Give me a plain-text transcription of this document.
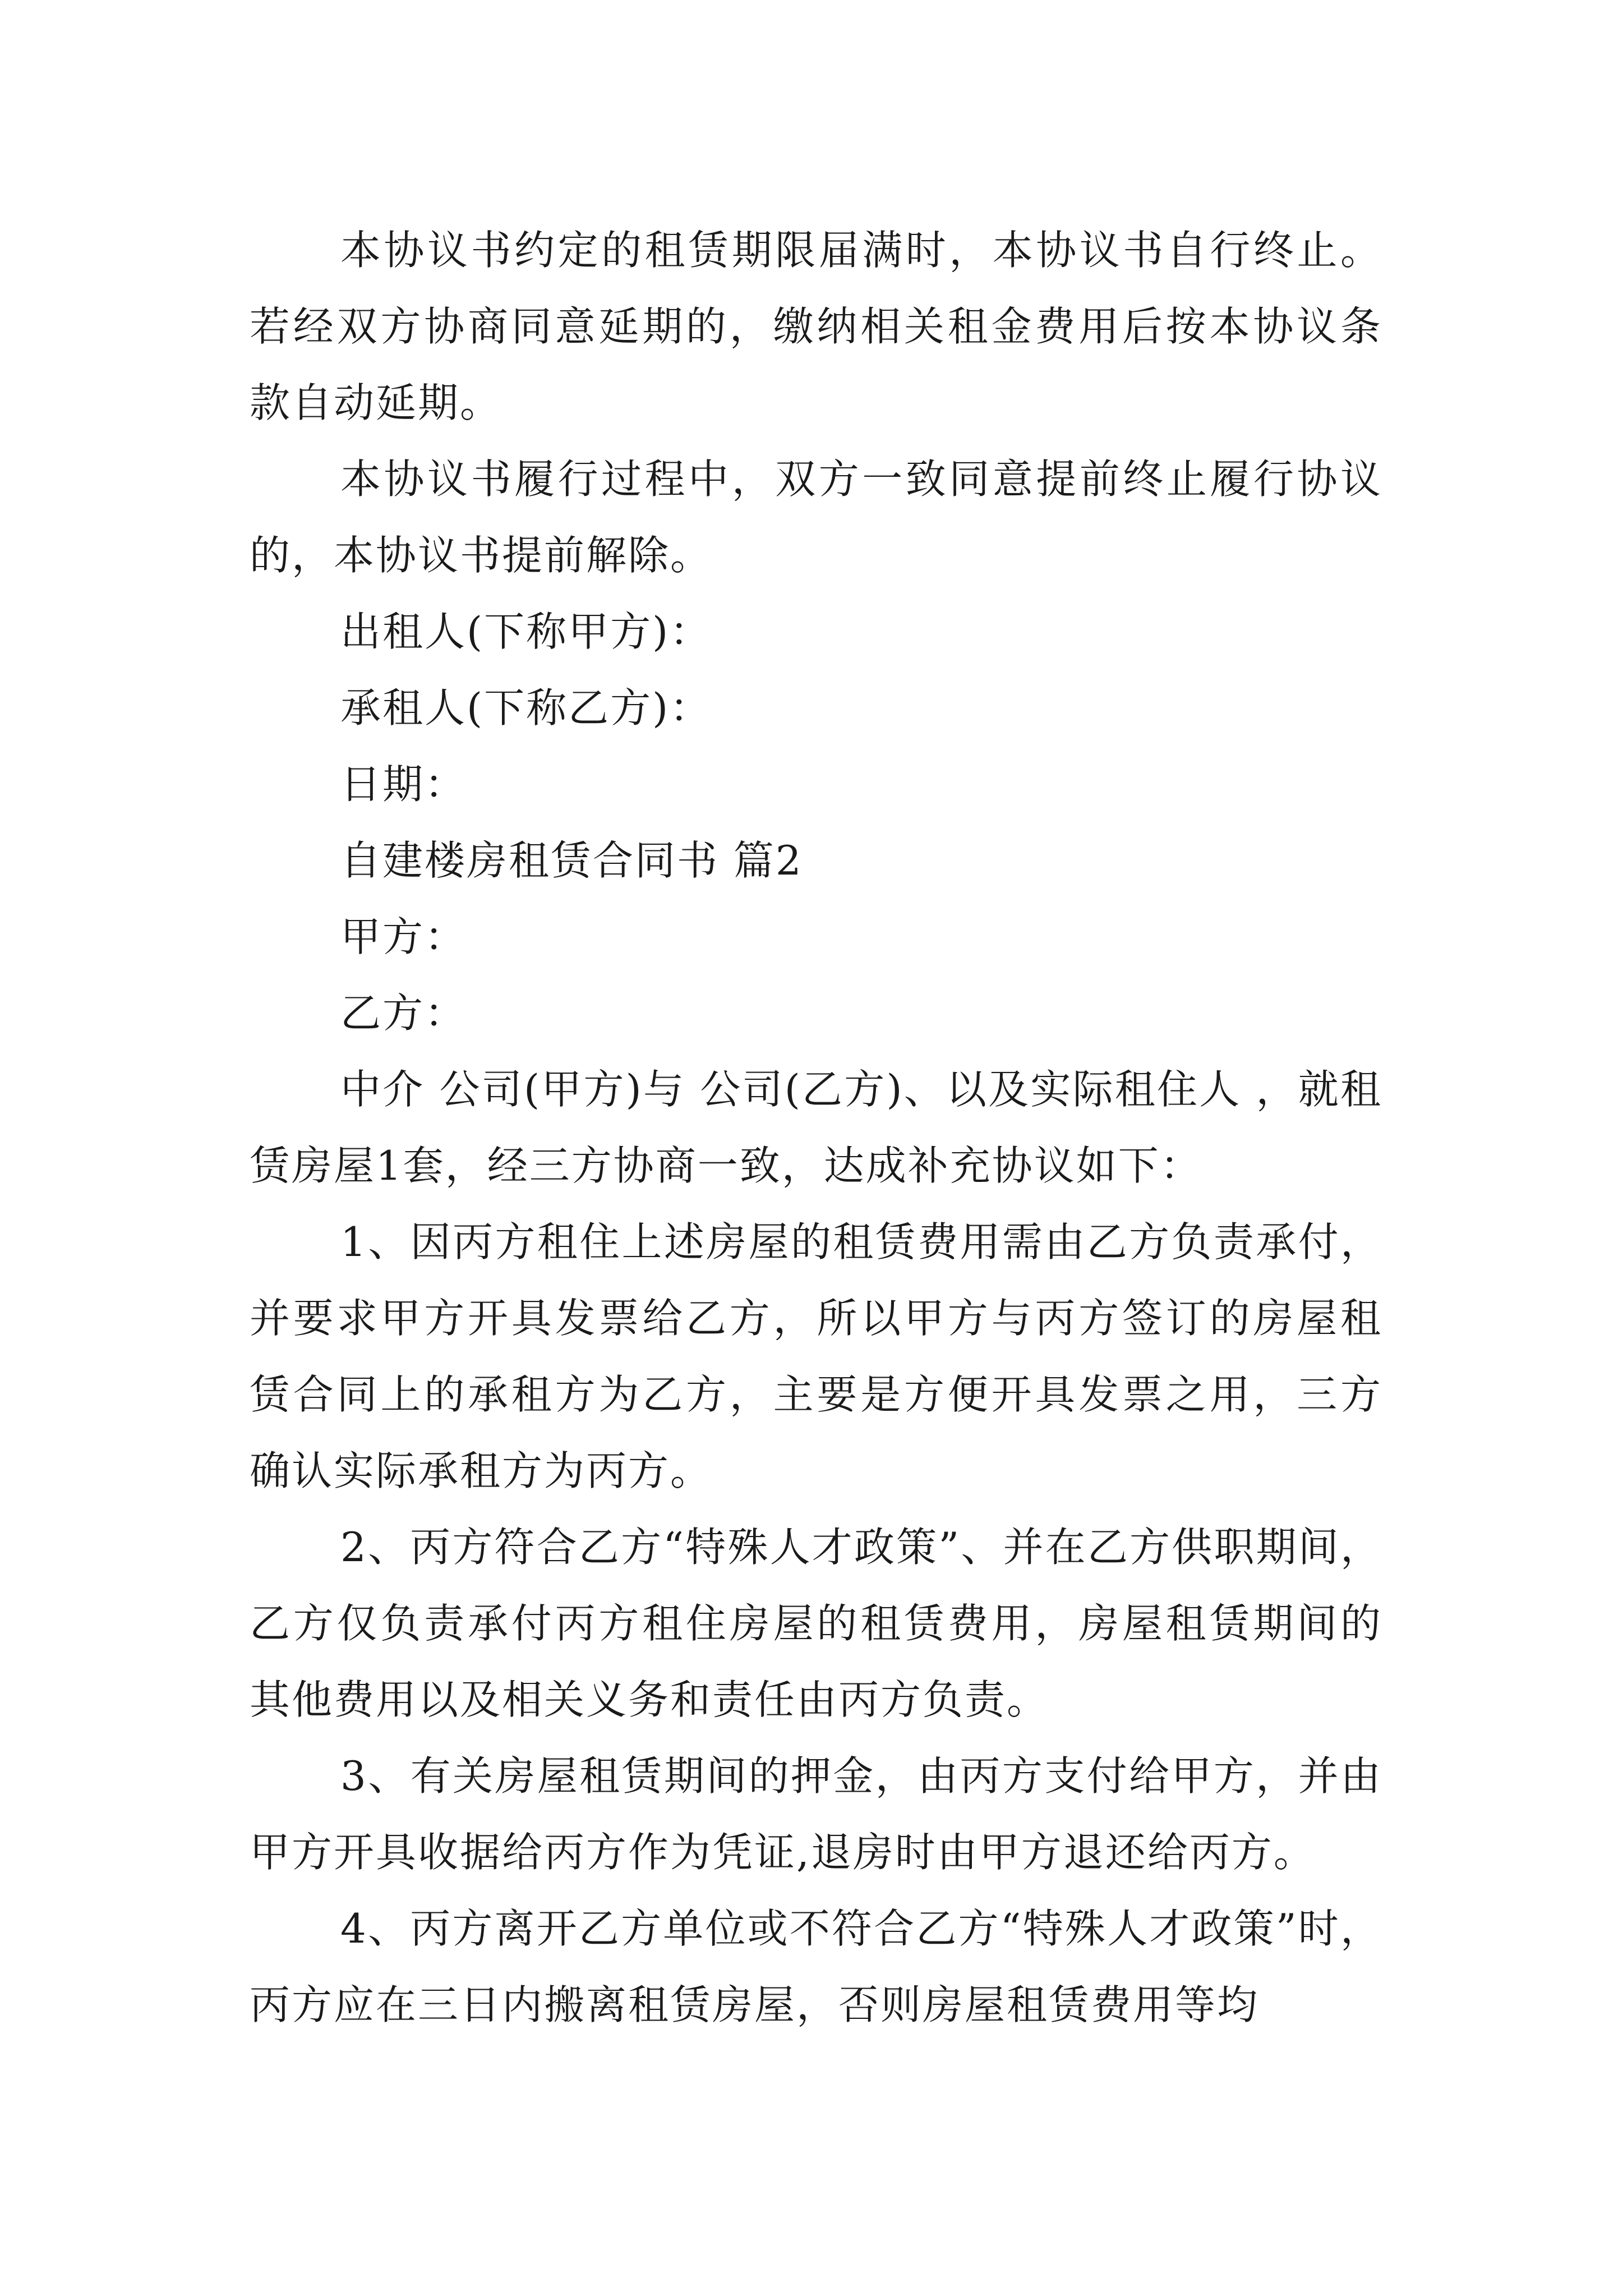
本协议书约定的租赁期限届满时，本协议书自行终止。若经双方协商同意延期的，缴纳相关租金费用后按本协议条款自动延期。

本协议书履行过程中，双方一致同意提前终止履行协议的，本协议书提前解除。

出租人(下称甲方)：

承租人(下称乙方)：

日期：

自建楼房租赁合同书 篇2

甲方：

乙方：

中介 公司(甲方)与 公司(乙方)、以及实际租住人 ，就租赁房屋1套，经三方协商一致，达成补充协议如下：

1、因丙方租住上述房屋的租赁费用需由乙方负责承付，并要求甲方开具发票给乙方，所以甲方与丙方签订的房屋租赁合同上的承租方为乙方，主要是方便开具发票之用，三方确认实际承租方为丙方。

2、丙方符合乙方“特殊人才政策”、并在乙方供职期间，乙方仅负责承付丙方租住房屋的租赁费用，房屋租赁期间的其他费用以及相关义务和责任由丙方负责。

3、有关房屋租赁期间的押金，由丙方支付给甲方，并由甲方开具收据给丙方作为凭证,退房时由甲方退还给丙方。

4、丙方离开乙方单位或不符合乙方“特殊人才政策”时，丙方应在三日内搬离租赁房屋，否则房屋租赁费用等均
